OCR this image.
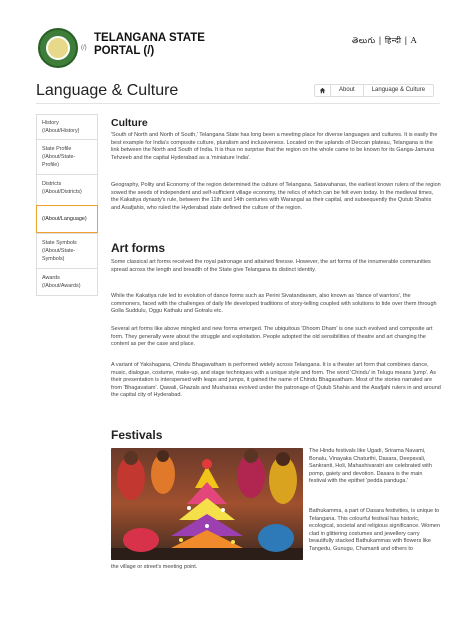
(/)
TELANGANA STATE PORTAL (/)
తెలుగు | हिन्दी | A
Language & Culture	About	Language & Culture
History (/About/History)
State Profile (/About/State-Profile)
Districts (/About/Districts)
(/About/Language)
State Symbols (/About/State-Symbols)
Awards (/About/Awards)
Culture

'South of North and North of South,' Telangana State has long been a meeting place for diverse languages and cultures. It is easily the best example for India's composite culture, pluralism and inclusiveness. Located on the uplands of Deccan plateau, Telangana is the link between the North and South of India. It is thus no surprise that the region on the whole came to be known for its Ganga-Jamuna Tehzeeb and the capital Hyderabad as a 'miniature India'.

Geography, Polity and Economy of the region determined the culture of Telangana. Satavahanas, the earliest known rulers of the region sowed the seeds of independent and self-sufficient village economy, the relics of which can be felt even today. In the medieval times, the Kakatiya dynasty's rule, between the 11th and 14th centuries with Warangal as their capital, and subsequently the Qutub Shahis and Asafjahis, who ruled the Hyderabad state defined the culture of the region.

Art forms

Some classical art forms received the royal patronage and attained finesse. However, the art forms of the innumerable communities spread across the length and breadth of the State give Telangana its distinct identity.

While the Kakatiya rule led to evolution of dance forms such as Perini Sivatandavam, also known as 'dance of warriors', the commoners, faced with the challenges of daily life developed traditions of story-telling coupled with solutions to tide over them through Golla Suddulu, Oggu Kathalu and Gotralu etc.

Several art forms like above mingled and new forms emerged. The ubiquitous 'Dhoom Dham' is one such evolved and composite art form. They generally were about the struggle and exploitation. People adopted the old sensibilities of theatre and art changing the content as per the case and place.

A variant of Yakshagana, Chindu Bhagavatham is performed widely across Telangana. It is a theater art form that combines dance, music, dialogue, costume, make-up, and stage techniques with a unique style and form. The word 'Chindu' in Telugu means 'jump'. As their presentation is interspersed with leaps and jumps, it gained the name of Chindu Bhagavatham. Most of the stories narrated are from 'Bhagavatam'. Qawali, Ghazals and Mushairas evolved under the patronage of Qutub Shahis and the Asafjahi rulers in and around the capital city of Hyderabad.

Festivals

The Hindu festivals like Ugadi, Srirama Navami, Bonalu, Vinayaka Chaturthi, Dasara, Deepavali, Sankranti, Holi, Mahashivaratri are celebrated with pomp, gaiety and devotion. Dasara is the main festival with the epithet 'pedda panduga.'

Bathukamma, a part of Dasara festivities, is unique to Telangana. This colourful festival has historic, ecological, societal and religious significance. Women clad in glittering costumes and jewellery carry beautifully stacked Bathukammas with flowers like Tangedu, Gunugu, Chamanti and others to

the village or street's meeting point.
